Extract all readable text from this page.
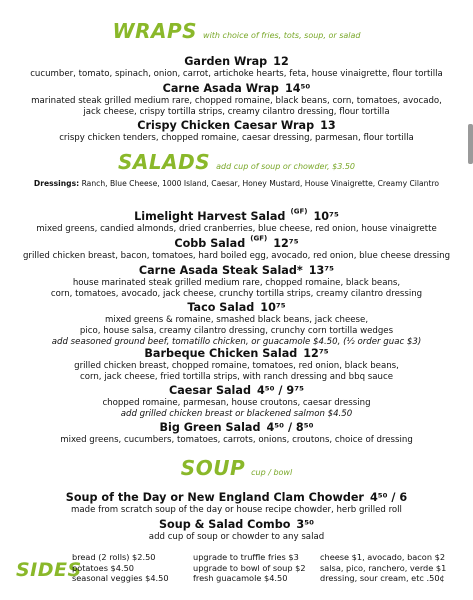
WRAPS with choice of fries, tots, soup, or salad
Garden Wrap 12
cucumber, tomato, spinach, onion, carrot, artichoke hearts, feta, house vinaigrette, flour tortilla
Carne Asada Wrap 14⁵⁰
marinated steak grilled medium rare, chopped romaine, black beans, corn, tomatoes, avocado,
jack cheese, crispy tortilla strips, creamy cilantro dressing, flour tortilla
Crispy Chicken Caesar Wrap 13
crispy chicken tenders, chopped romaine, caesar dressing, parmesan, flour tortilla
SALADS add cup of soup or chowder, $3.50
Dressings: Ranch, Blue Cheese, 1000 Island, Caesar, Honey Mustard, House Vinaigrette, Creamy Cilantro
Limelight Harvest Salad $^{(GF)}$ 10⁷⁵
mixed greens, candied almonds, dried cranberries, blue cheese, red onion, house vinaigrette
Cobb Salad $^{(GF)}$ 12⁷⁵
grilled chicken breast, bacon, tomatoes, hard boiled egg, avocado, red onion, blue cheese dressing
Carne Asada Steak Salad* 13⁷⁵
house marinated steak grilled medium rare, chopped romaine, black beans,
corn, tomatoes, avocado, jack cheese, crunchy tortilla strips, creamy cilantro dressing
Taco Salad 10⁷⁵
mixed greens & romaine, smashed black beans, jack cheese,
pico, house salsa, creamy cilantro dressing, crunchy corn tortilla wedges
add seasoned ground beef, tomatillo chicken, or guacamole $4.50, (½ order guac $3)
Barbeque Chicken Salad 12⁷⁵
grilled chicken breast, chopped romaine, tomatoes, red onion, black beans,
corn, jack cheese, fried tortilla strips, with ranch dressing and bbq sauce
Caesar Salad 4⁵⁰ / 9⁷⁵
chopped romaine, parmesan, house croutons, caesar dressing
add grilled chicken breast or blackened salmon $4.50
Big Green Salad 4⁵⁰ / 8⁵⁰
mixed greens, cucumbers, tomatoes, carrots, onions, croutons, choice of dressing
SOUP cup / bowl
Soup of the Day or New England Clam Chowder 4⁵⁰ / 6
made from scratch soup of the day or house recipe chowder, herb grilled roll
Soup & Salad Combo 3⁵⁰
add cup of soup or chowder to any salad
SIDES
bread (2 rolls) $2.50
potatoes $4.50
seasonal veggies $4.50
upgrade to truffle fries $3
upgrade to bowl of soup $2
fresh guacamole $4.50
cheese $1, avocado, bacon $2
salsa, pico, ranchero, verde $1
dressing, sour cream, etc .50¢
